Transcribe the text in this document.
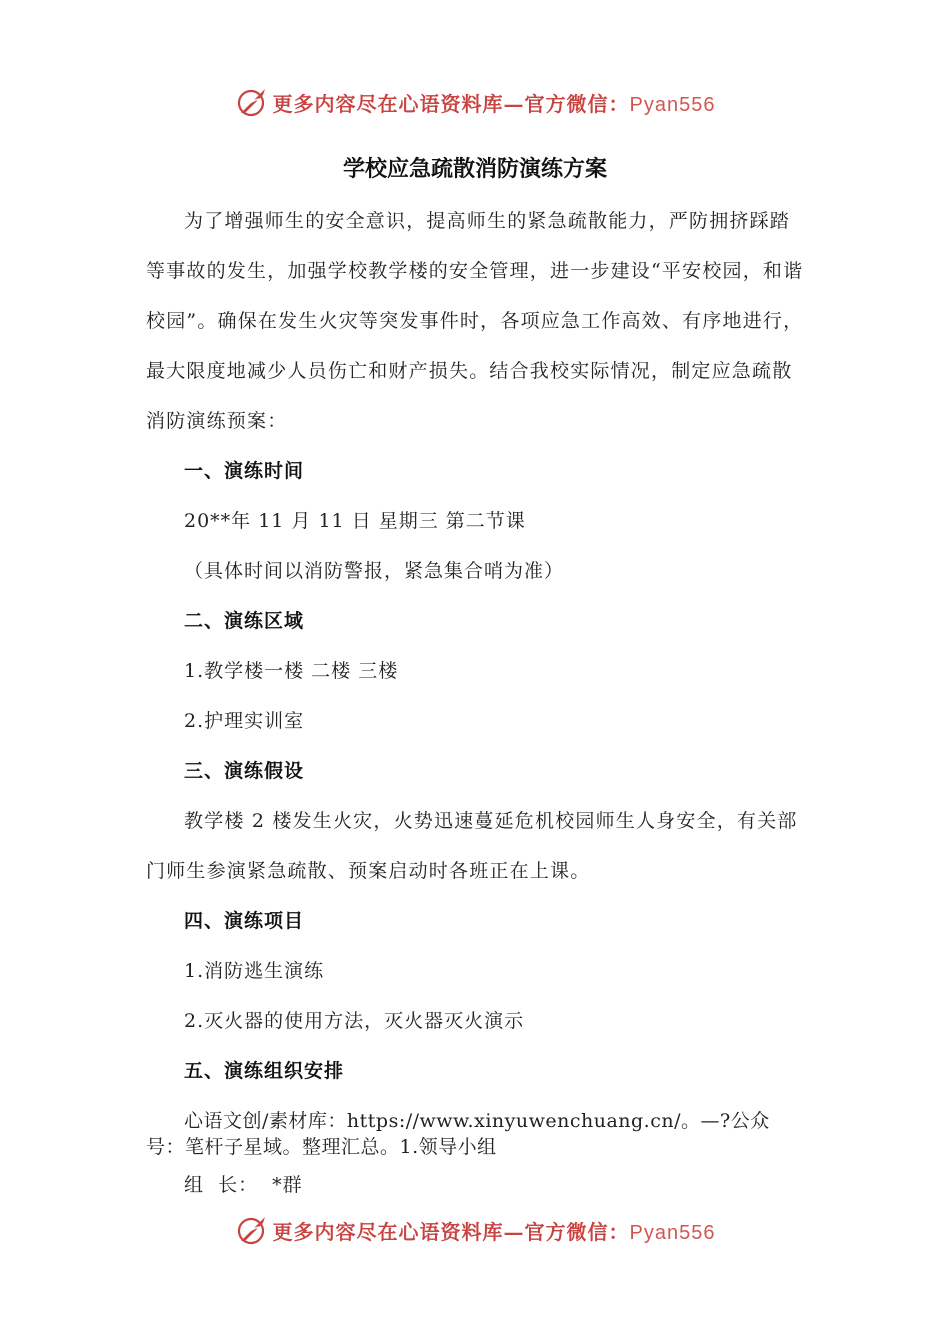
更多内容尽在心语资料库—官方微信：Pyan556
学校应急疏散消防演练方案

为了增强师生的安全意识，提高师生的紧急疏散能力，严防拥挤踩踏等事故的发生，加强学校教学楼的安全管理，进一步建设“平安校园，和谐校园”。确保在发生火灾等突发事件时，各项应急工作高效、有序地进行，最大限度地减少人员伤亡和财产损失。结合我校实际情况，制定应急疏散消防演练预案：

一、演练时间

20**年 11 月 11 日 星期三 第二节课

（具体时间以消防警报，紧急集合哨为准）

二、演练区域

1.教学楼一楼 二楼 三楼

2.护理实训室

三、演练假设

教学楼 2 楼发生火灾，火势迅速蔓延危机校园师生人身安全，有关部门师生参演紧急疏散、预案启动时各班正在上课。

四、演练项目

1.消防逃生演练

2.灭火器的使用方法，灭火器灭火演示

五、演练组织安排

心语文创/素材库：https://www.xinyuwenchuang.cn/。—?公众号：笔杆子星域。整理汇总。1.领导小组

组  长：  *群

更多内容尽在心语资料库—官方微信：Pyan556
